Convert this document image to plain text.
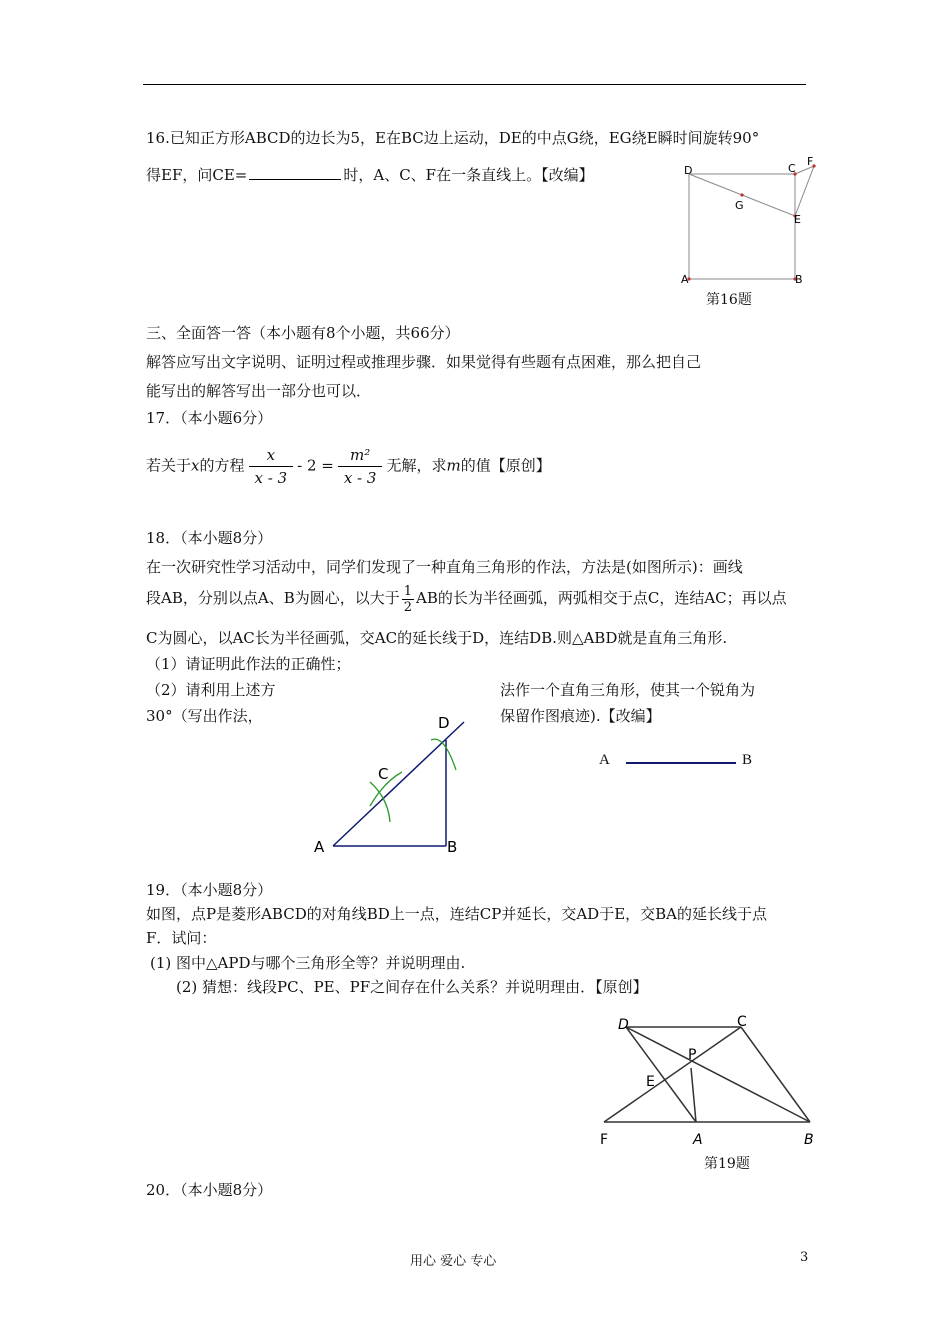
16.已知正方形ABCD的边长为5，E在BC边上运动，DE的中点G绕，EG绕E瞬时间旋转90°
得EF，问CE=	时，A、C、F在一条直线上。【改编】	D	C
F
G
E
A	B
第16题
三、全面答一答（本小题有8个小题，共66分）
解答应写出文字说明、证明过程或推理步骤．如果觉得有些题有点困难，那么把自己
能写出的解答写出一部分也可以．
17．（本小题6分）
若关于x的方程 $\frac{x}{x - 3} - 2 = \frac{\text{m²}}{x - 3}$ 无解，求m的值【原创】
18．（本小题8分）
在一次研究性学习活动中，同学们发现了一种直角三角形的作法，方法是(如图所示)：画线
段AB，分别以点A、B为圆心，以大于 $\frac{1}{2}$ AB的长为半径画弧，两弧相交于点C，连结AC；再以点
C为圆心，以AC长为半径画弧，交AC的延长线于D，连结DB.则△ABD就是直角三角形.
（1）请证明此作法的正确性；
（2）请利用上述方	法作一个直角三角形，使其一个锐角为
30°（写出作法，	保留作图痕迹).【改编】
A	B
C
D
A	B
19．（本小题8分）
如图，点P是菱形ABCD的对角线BD上一点，连结CP并延长，交AD于E，交BA的延长线于点
F．试问：
(1) 图中△APD与哪个三角形全等？并说明理由.
(2) 猜想：线段PC、PE、PF之间存在什么关系？并说明理由．【原创】
D	C
P
E
F	A	B
第19题
20．（本小题8分）
用心 爱心 专心	3
